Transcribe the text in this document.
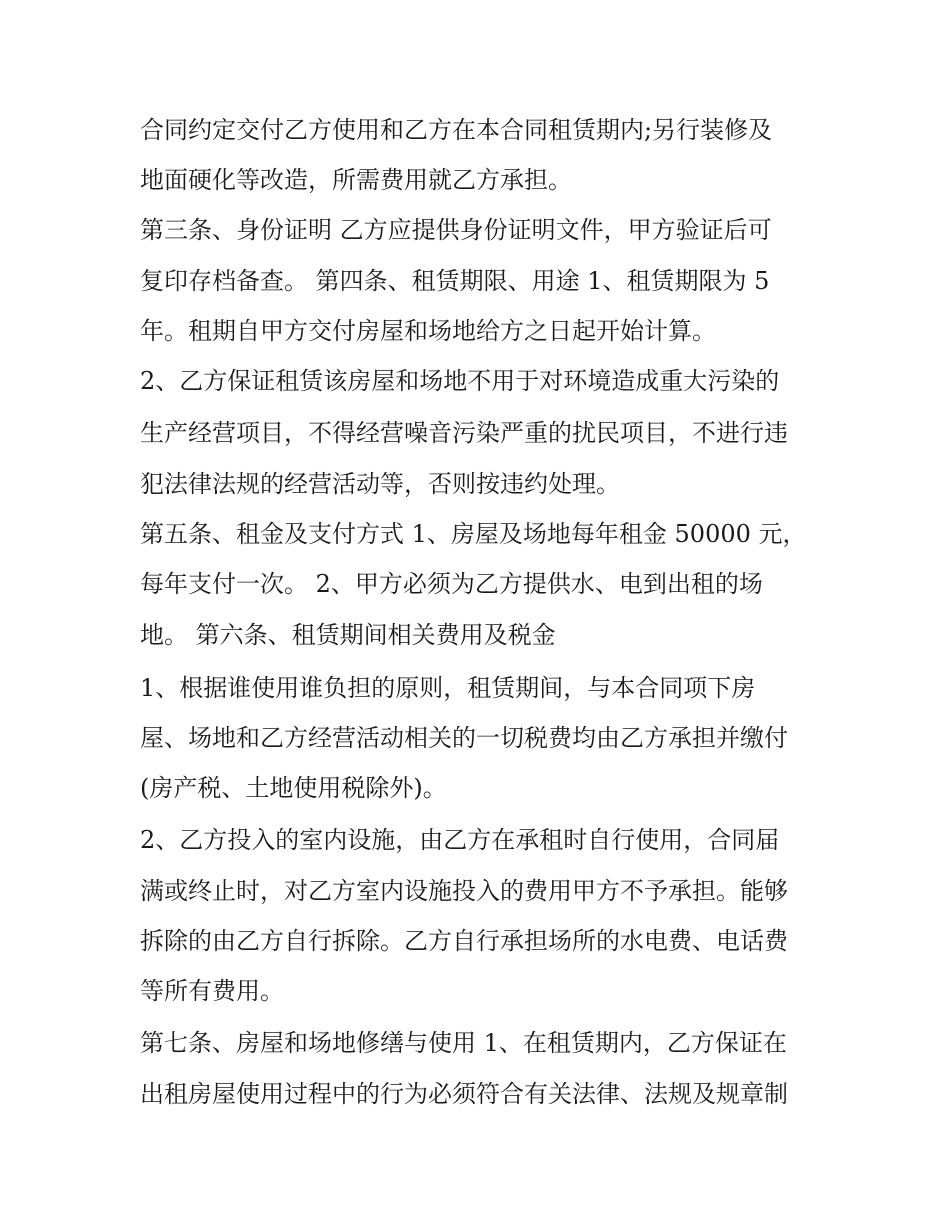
合同约定交付乙方使用和乙方在本合同租赁期内;另行装修及

地面硬化等改造，所需费用就乙方承担。

第三条、身份证明 乙方应提供身份证明文件，甲方验证后可

复印存档备查。 第四条、租赁期限、用途 1、租赁期限为 5

年。租期自甲方交付房屋和场地给方之日起开始计算。

2、乙方保证租赁该房屋和场地不用于对环境造成重大污染的

生产经营项目，不得经营噪音污染严重的扰民项目，不进行违

犯法律法规的经营活动等，否则按违约处理。

第五条、租金及支付方式 1、房屋及场地每年租金 50000 元，

每年支付一次。 2、甲方必须为乙方提供水、电到出租的场

地。 第六条、租赁期间相关费用及税金

1、根据谁使用谁负担的原则，租赁期间，与本合同项下房

屋、场地和乙方经营活动相关的一切税费均由乙方承担并缴付

(房产税、土地使用税除外)。

2、乙方投入的室内设施，由乙方在承租时自行使用，合同届

满或终止时，对乙方室内设施投入的费用甲方不予承担。能够

拆除的由乙方自行拆除。乙方自行承担场所的水电费、电话费

等所有费用。

第七条、房屋和场地修缮与使用 1、在租赁期内，乙方保证在

出租房屋使用过程中的行为必须符合有关法律、法规及规章制
